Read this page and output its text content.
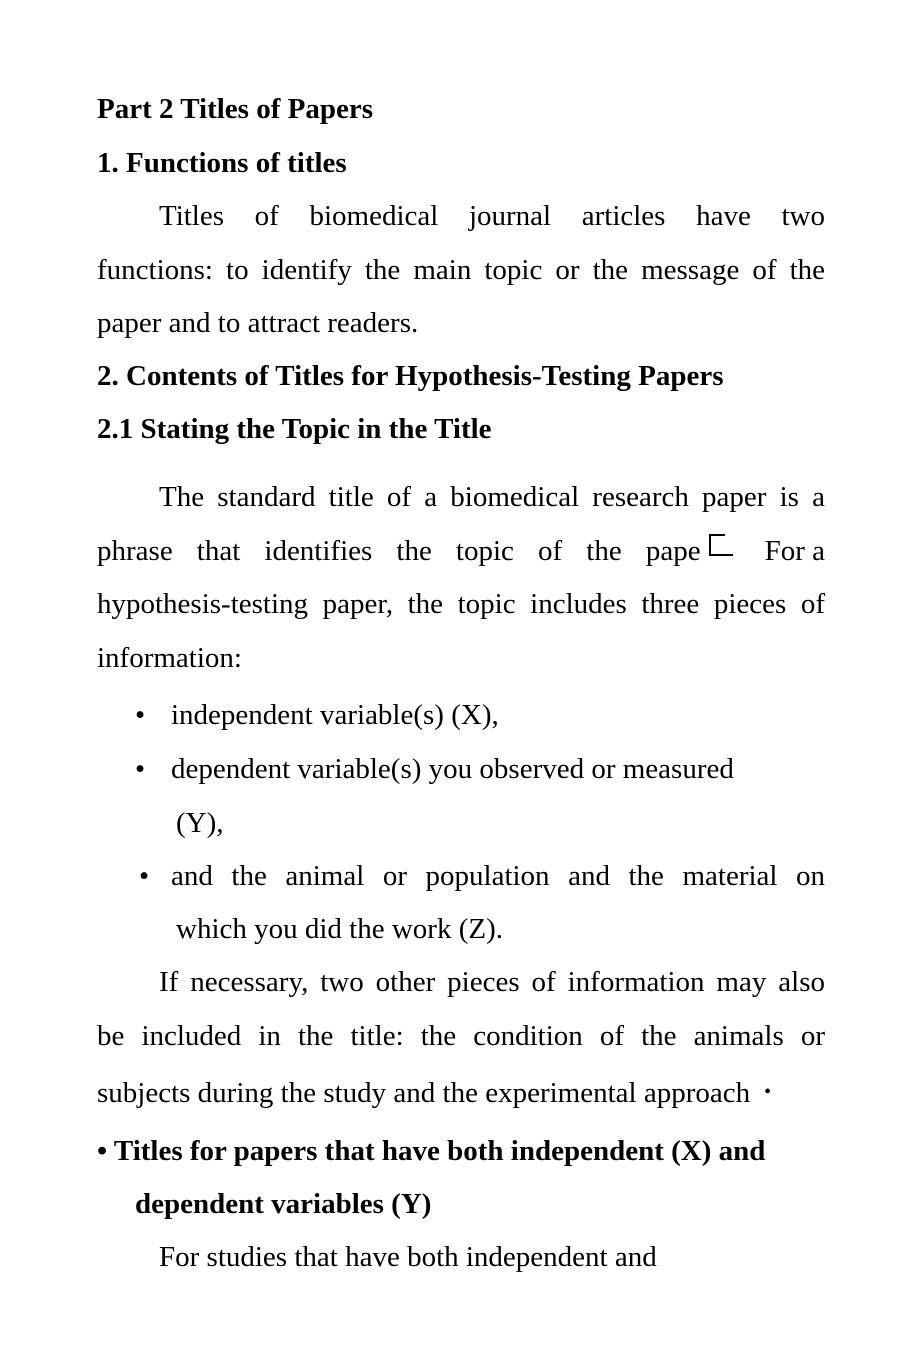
Part 2 Titles of Papers
1. Functions of titles
Titles of biomedical journal articles have two
functions: to identify the main topic or the message of the
paper and to attract readers.
2. Contents of Titles for Hypothesis-Testing Papers
2.1 Stating the Topic in the Title
The standard title of a biomedical research paper is a
phrase that identifies the topic of the pape For a
hypothesis-testing paper, the topic includes three pieces of
information:
• independent variable(s) (X),
• dependent variable(s) you observed or measured
(Y),
• and the animal or population and the material on
which you did the work (Z).
If necessary, two other pieces of information may also
be included in the title: the condition of the animals or
subjects during the study and the experimental approach •
• Titles for papers that have both independent (X) and
dependent variables (Y)
For studies that have both independent and
